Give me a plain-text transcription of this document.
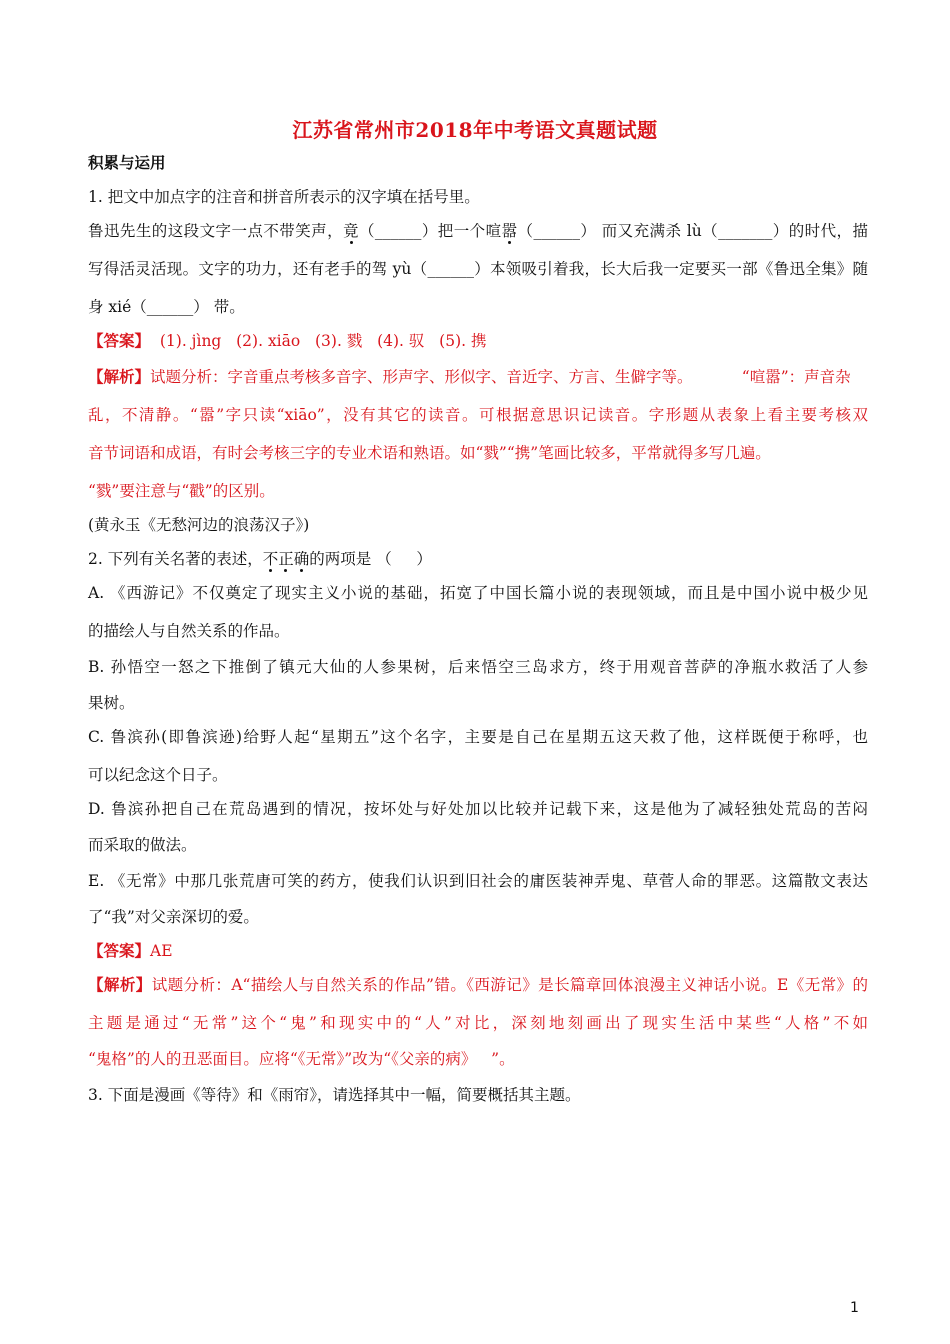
江苏省常州市2018年中考语文真题试题
积累与运用
1. 把文中加点字的注音和拼音所表示的汉字填在括号里。
鲁迅先生的这段文字一点不带笑声，竟（______）把一个喧嚣（______） 而又充满杀 lù（_______）的时代，描
写得活灵活现。文字的功力，还有老手的驾 yù（______）本领吸引着我，长大后我一定要买一部《鲁迅全集》随
身 xié（______） 带。
【答案】  (1). jìng   (2). xiāo   (3). 戮   (4). 驭   (5). 携
【解析】试题分析：字音重点考核多音字、形声字、形似字、音近字、方言、生僻字等。          “喧嚣”：声音杂
乱，不清静。“嚣”字只读“xiāo”，没有其它的读音。可根据意思识记读音。字形题从表象上看主要考核双
音节词语和成语，有时会考核三字的专业术语和熟语。如“戮”“携”笔画比较多，平常就得多写几遍。
“戮”要注意与“戳”的区别。
(黄永玉《无愁河边的浪荡汉子》)
2. 下列有关名著的表述，不正确的两项是 （     ）
A. 《西游记》不仅奠定了现实主义小说的基础，拓宽了中国长篇小说的表现领域，而且是中国小说中极少见
的描绘人与自然关系的作品。
B. 孙悟空一怒之下推倒了镇元大仙的人参果树，后来悟空三岛求方，终于用观音菩萨的净瓶水救活了人参
果树。
C. 鲁滨孙(即鲁滨逊)给野人起“星期五”这个名字，主要是自己在星期五这天救了他，这样既便于称呼，也
可以纪念这个日子。
D. 鲁滨孙把自己在荒岛遇到的情况，按坏处与好处加以比较并记载下来，这是他为了减轻独处荒岛的苦闷
而采取的做法。
E. 《无常》中那几张荒唐可笑的药方，使我们认识到旧社会的庸医装神弄鬼、草菅人命的罪恶。这篇散文表达
了“我”对父亲深切的爱。
【答案】AE
【解析】试题分析：A“描绘人与自然关系的作品”错。《西游记》是长篇章回体浪漫主义神话小说。E《无常》的
主题是通过“无常”这个“鬼”和现实中的“人”对比，深刻地刻画出了现实生活中某些“人格”不如
“鬼格”的人的丑恶面目。应将“《无常》”改为“《父亲的病》   ”。
3. 下面是漫画《等待》和《雨帘》，请选择其中一幅，简要概括其主题。
1
